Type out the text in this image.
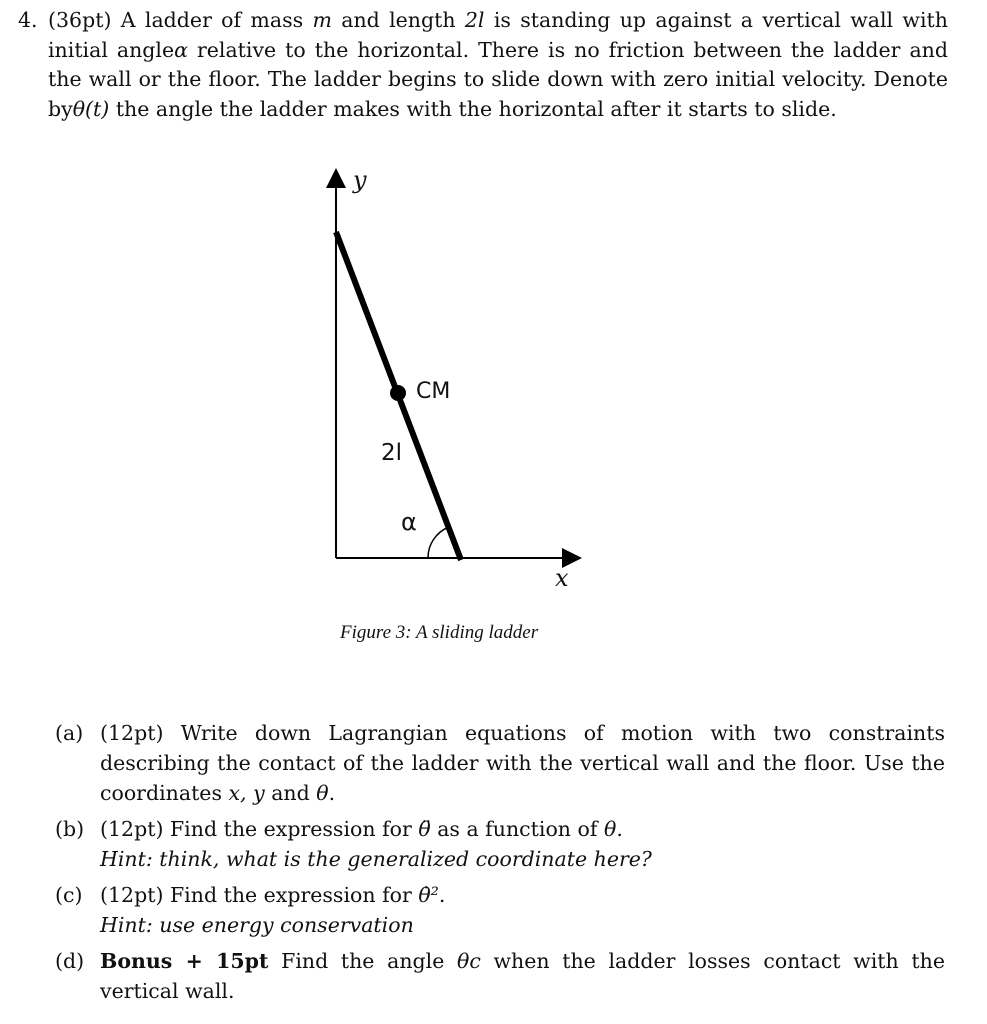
4. (36pt) A ladder of mass m and length 2l is standing up against a vertical wall with initial angleα relative to the horizontal. There is no friction between the ladder and the wall or the floor. The ladder begins to slide down with zero initial velocity. Denote byθ(t) the angle the ladder makes with the horizontal after it starts to slide.
y
x
CM
2l
α
Figure 3: A sliding ladder
(a) (12pt) Write down Lagrangian equations of motion with two constraints describing the contact of the ladder with the vertical wall and the floor. Use the coordinates x, y and θ.
(b) (12pt) Find the expression for θ̈ as a function of θ.
Hint: think, what is the generalized coordinate here?
(c) (12pt) Find the expression for θ̇².
Hint: use energy conservation
(d) Bonus + 15pt Find the angle θc when the ladder losses contact with the vertical wall.
